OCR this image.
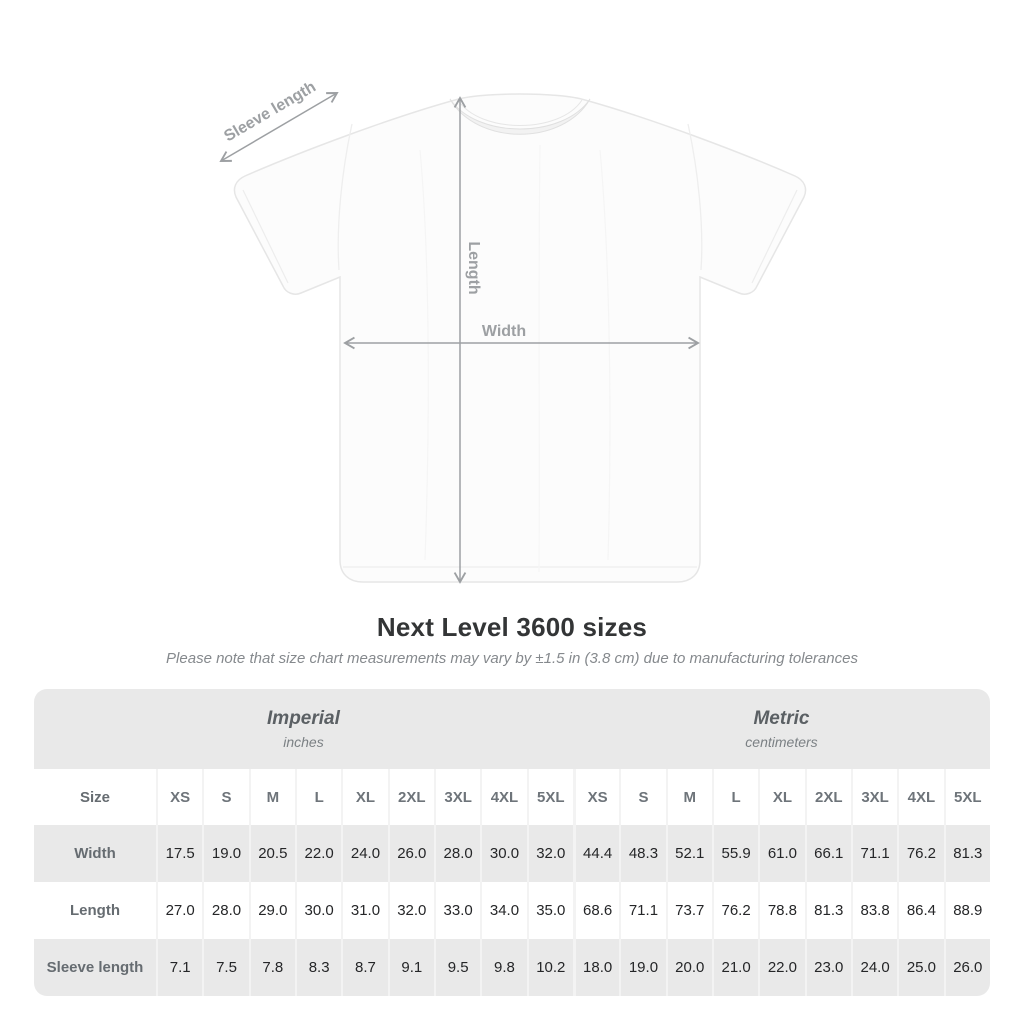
Sleeve length
Length
Width
Next Level 3600 sizes
Please note that size chart measurements may vary by ±1.5 in (3.8 cm) due to manufacturing tolerances
Imperial
inches

Metric
centimeters

Size	XS	S	M	L	XL	2XL	3XL	4XL	5XL	XS	S	M	L	XL	2XL	3XL	4XL	5XL
Width	17.5	19.0	20.5	22.0	24.0	26.0	28.0	30.0	32.0	44.4	48.3	52.1	55.9	61.0	66.1	71.1	76.2	81.3
Length	27.0	28.0	29.0	30.0	31.0	32.0	33.0	34.0	35.0	68.6	71.1	73.7	76.2	78.8	81.3	83.8	86.4	88.9
Sleeve length	7.1	7.5	7.8	8.3	8.7	9.1	9.5	9.8	10.2	18.0	19.0	20.0	21.0	22.0	23.0	24.0	25.0	26.0
